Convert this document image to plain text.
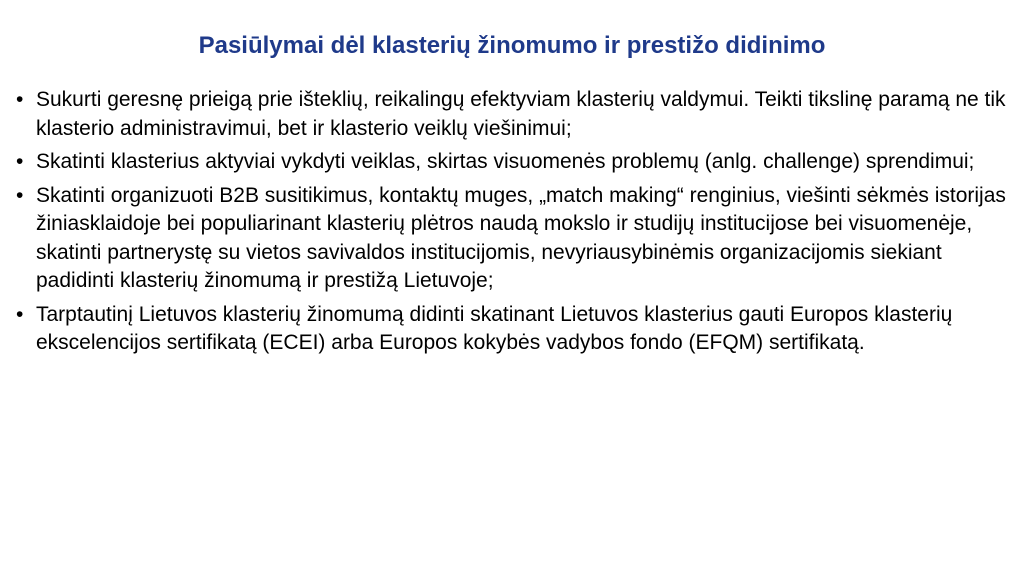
Pasiūlymai dėl klasterių žinomumo ir prestižo didinimo
• Sukurti geresnę prieigą prie išteklių, reikalingų efektyviam klasterių valdymui. Teikti tikslinę paramą ne tik klasterio administravimui, bet ir klasterio veiklų viešinimui;
• Skatinti klasterius aktyviai vykdyti veiklas, skirtas visuomenės problemų (anlg. challenge) sprendimui;
• Skatinti organizuoti B2B susitikimus, kontaktų muges, „match making“ renginius, viešinti sėkmės istorijas žiniasklaidoje bei populiarinant klasterių plėtros naudą mokslo ir studijų institucijose bei visuomenėje, skatinti partnerystę su vietos savivaldos institucijomis, nevyriausybinėmis organizacijomis siekiant padidinti klasterių žinomumą ir prestižą Lietuvoje;
• Tarptautinį Lietuvos klasterių žinomumą didinti skatinant Lietuvos klasterius gauti Europos klasterių ekscelencijos sertifikatą (ECEI) arba Europos kokybės vadybos fondo (EFQM) sertifikatą.
